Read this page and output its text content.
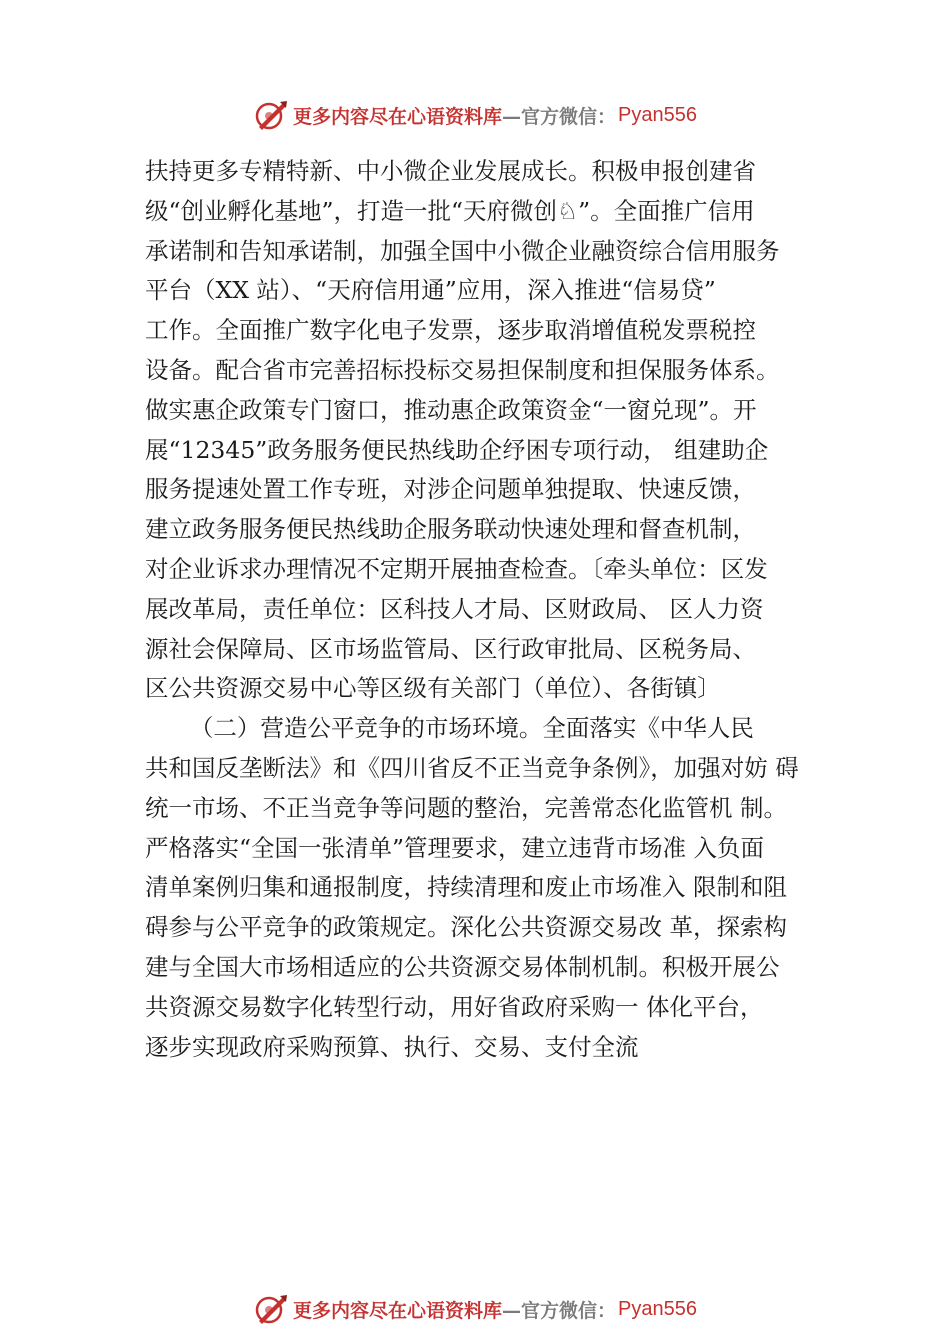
更多内容尽在心语资料库 —官方微信： Pyan556
扶持更多专精特新、中小微企业发展成长。积极申报创建省
级“创业孵化基地”，打造一批“天府微创♘”。全面推广信用
承诺制和告知承诺制，加强全国中小微企业融资综合信用服务
平台（XX 站）、“天府信用通”应用，深入推进“信易贷”
工作。全面推广数字化电子发票，逐步取消增值税发票税控
设备。配合省市完善招标投标交易担保制度和担保服务体系。
做实惠企政策专门窗口，推动惠企政策资金“一窗兑现”。开
展“12345”政务服务便民热线助企纾困专项行动， 组建助企
服务提速处置工作专班，对涉企问题单独提取、快速反馈，
建立政务服务便民热线助企服务联动快速处理和督查机制，
对企业诉求办理情况不定期开展抽查检查。〔牵头单位：区发
展改革局，责任单位：区科技人才局、区财政局、 区人力资
源社会保障局、区市场监管局、区行政审批局、区税务局、
区公共资源交易中心等区级有关部门（单位）、各街镇〕
（二）营造公平竞争的市场环境。全面落实《中华人民
共和国反垄断法》和《四川省反不正当竞争条例》，加强对妨 碍
统一市场、不正当竞争等问题的整治，完善常态化监管机 制。
严格落实“全国一张清单”管理要求，建立违背市场准 入负面
清单案例归集和通报制度，持续清理和废止市场准入 限制和阻
碍参与公平竞争的政策规定。深化公共资源交易改 革，探索构
建与全国大市场相适应的公共资源交易体制机制。积极开展公
共资源交易数字化转型行动，用好省政府采购一 体化平台，
逐步实现政府采购预算、执行、交易、支付全流
更多内容尽在心语资料库 —官方微信： Pyan556
